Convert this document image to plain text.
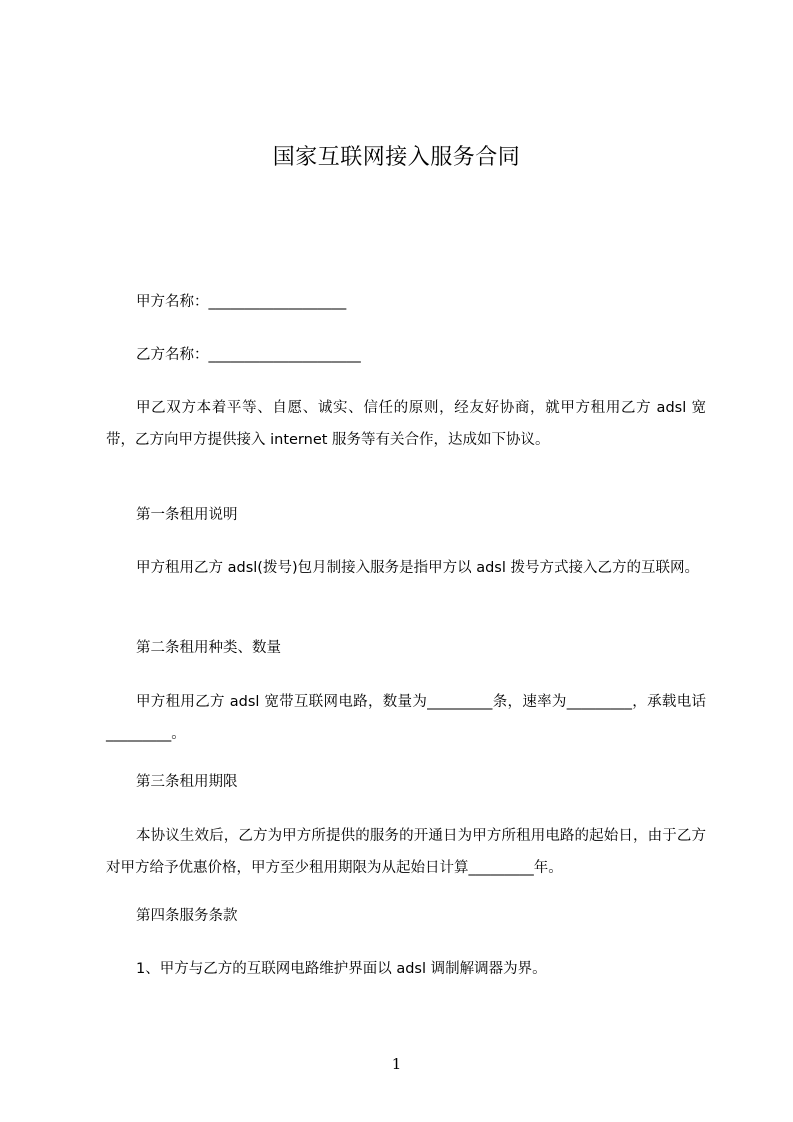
国家互联网接入服务合同

甲方名称：___________________

乙方名称：_____________________

甲乙双方本着平等、自愿、诚实、信任的原则，经友好协商，就甲方租用乙方 adsl 宽带，乙方向甲方提供接入 internet 服务等有关合作，达成如下协议。

第一条租用说明

甲方租用乙方 adsl(拨号)包月制接入服务是指甲方以 adsl 拨号方式接入乙方的互联网。

第二条租用种类、数量

甲方租用乙方 adsl 宽带互联网电路，数量为_________条，速率为_________，承载电话_________。

第三条租用期限

本协议生效后，乙方为甲方所提供的服务的开通日为甲方所租用电路的起始日，由于乙方对甲方给予优惠价格，甲方至少租用期限为从起始日计算_________年。

第四条服务条款

1、甲方与乙方的互联网电路维护界面以 adsl 调制解调器为界。

1
